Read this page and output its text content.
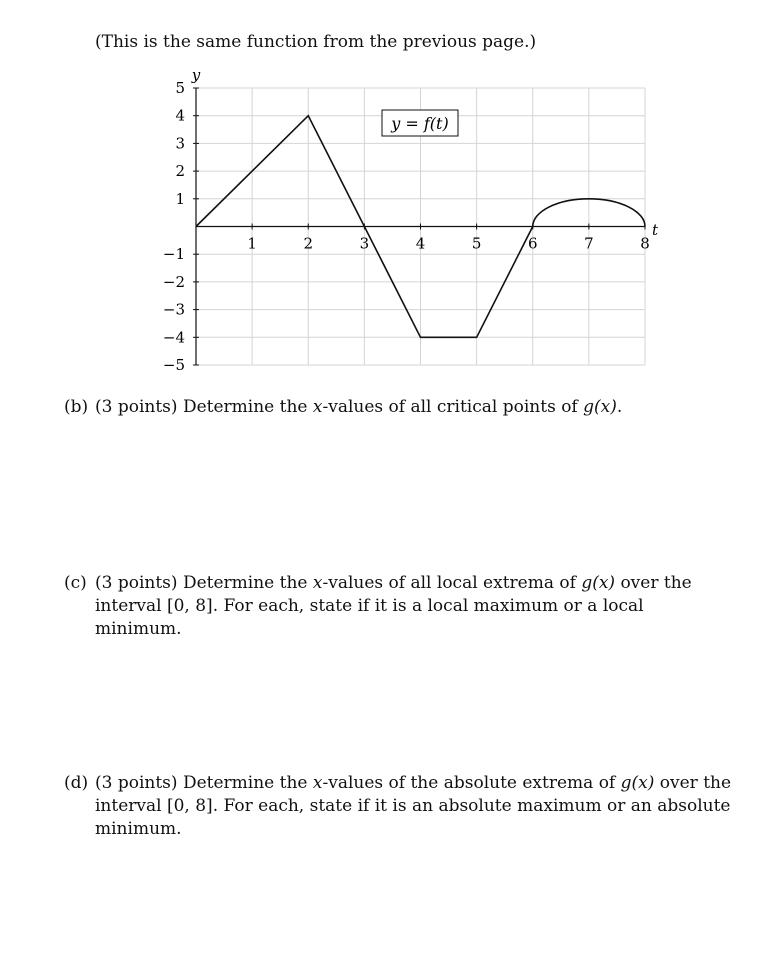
(This is the same function from the previous page.)
1	2	3	4	5	6	7	8
5
4
3
2
1
−1
−2
−3
−4
−5
y = f(t)
y
t
(b) (3 points) Determine the x-values of all critical points of g(x).
(c) (3 points) Determine the x-values of all local extrema of g(x) over the interval [0, 8]. For each, state if it is a local maximum or a local minimum.
(d) (3 points) Determine the x-values of the absolute extrema of g(x) over the interval [0, 8]. For each, state if it is an absolute maximum or an absolute minimum.
